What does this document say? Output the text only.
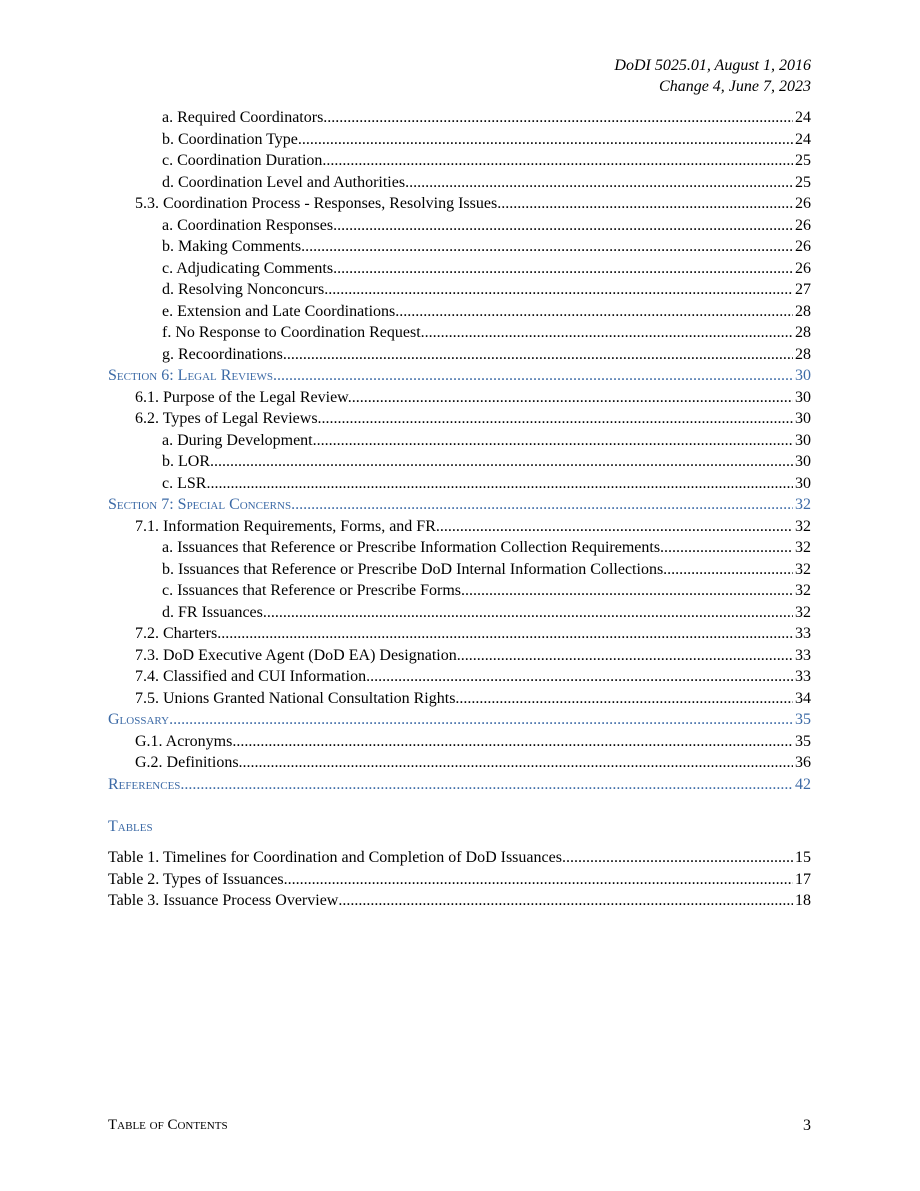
DoDI 5025.01, August 1, 2016
Change 4, June 7, 2023
a. Required Coordinators. .....	24
b. Coordination Type. .....	24
c. Coordination Duration. .....	25
d. Coordination Level and Authorities. .....	25
5.3. Coordination Process - Responses, Resolving Issues. .....	26
a. Coordination Responses. .....	26
b. Making Comments. .....	26
c. Adjudicating Comments. .....	26
d. Resolving Nonconcurs. .....	27
e. Extension and Late Coordinations. .....	28
f. No Response to Coordination Request. .....	28
g. Recoordinations. .....	28
Section 6: Legal Reviews .....	30
6.1. Purpose of the Legal Review. .....	30
6.2. Types of Legal Reviews. .....	30
a. During Development. .....	30
b. LOR. .....	30
c. LSR. .....	30
Section 7: Special Concerns .....	32
7.1. Information Requirements, Forms, and FR. .....	32
a. Issuances that Reference or Prescribe Information Collection Requirements. .....	32
b. Issuances that Reference or Prescribe DoD Internal Information Collections. .....	32
c. Issuances that Reference or Prescribe Forms. .....	32
d. FR Issuances. .....	32
7.2. Charters. .....	33
7.3. DoD Executive Agent (DoD EA) Designation. .....	33
7.4. Classified and CUI Information. .....	33
7.5. Unions Granted National Consultation Rights. .....	34
Glossary .....	35
G.1. Acronyms. .....	35
G.2. Definitions. .....	36
References .....	42
Tables
Table 1. Timelines for Coordination and Completion of DoD Issuances .....	15
Table 2. Types of Issuances .....	17
Table 3. Issuance Process Overview .....	18
Table of Contents	3
